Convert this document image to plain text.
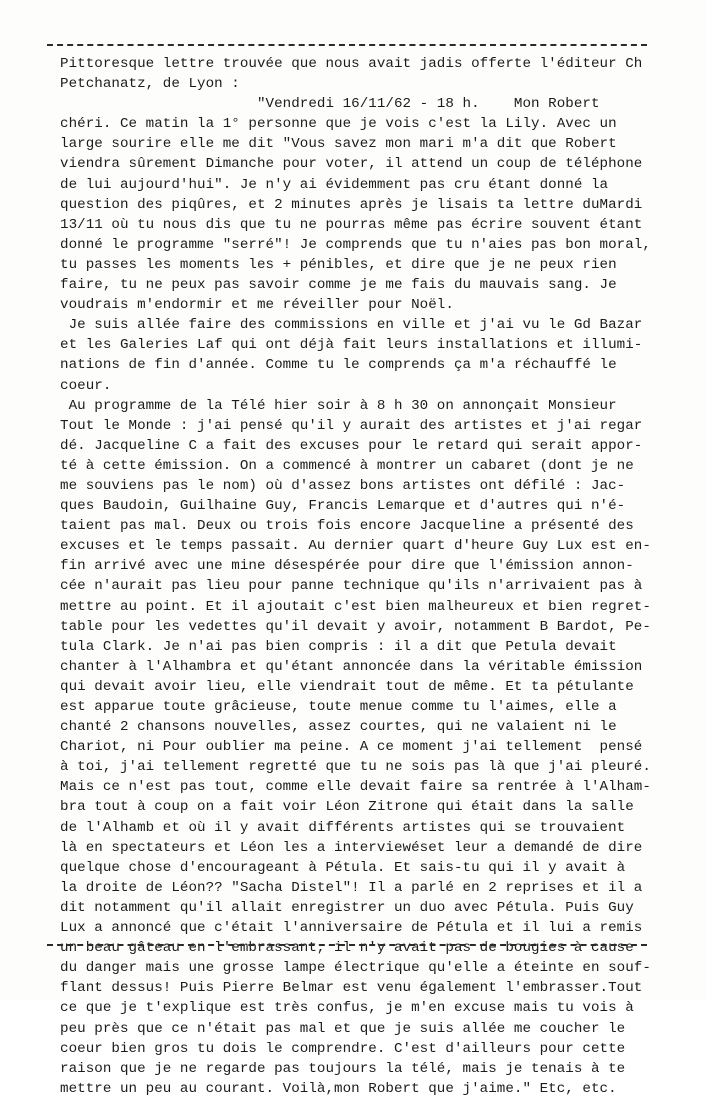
Pittoresque lettre trouvée que nous avait jadis offerte l'éditeur Ch
Petchanatz, de Lyon :
"Vendredi 16/11/62 - 18 h.    Mon Robert
chéri. Ce matin la 1° personne que je vois c'est la Lily. Avec un
large sourire elle me dit "Vous savez mon mari m'a dit que Robert
viendra sûrement Dimanche pour voter, il attend un coup de téléphone
de lui aujourd'hui". Je n'y ai évidemment pas cru étant donné la
question des piqûres, et 2 minutes après je lisais ta lettre duMardi
13/11 où tu nous dis que tu ne pourras même pas écrire souvent étant
donné le programme "serré"! Je comprends que tu n'aies pas bon moral,
tu passes les moments les + pénibles, et dire que je ne peux rien
faire, tu ne peux pas savoir comme je me fais du mauvais sang. Je
voudrais m'endormir et me réveiller pour Noël.
Je suis allée faire des commissions en ville et j'ai vu le Gd Bazar
et les Galeries Laf qui ont déjà fait leurs installations et illumi-
nations de fin d'année. Comme tu le comprends ça m'a réchauffé le
coeur.
Au programme de la Télé hier soir à 8 h 30 on annonçait Monsieur
Tout le Monde : j'ai pensé qu'il y aurait des artistes et j'ai regar
dé. Jacqueline C a fait des excuses pour le retard qui serait appor-
té à cette émission. On a commencé à montrer un cabaret (dont je ne
me souviens pas le nom) où d'assez bons artistes ont défilé : Jac-
ques Baudoin, Guilhaine Guy, Francis Lemarque et d'autres qui n'é-
taient pas mal. Deux ou trois fois encore Jacqueline a présenté des
excuses et le temps passait. Au dernier quart d'heure Guy Lux est en-
fin arrivé avec une mine désespérée pour dire que l'émission annon-
cée n'aurait pas lieu pour panne technique qu'ils n'arrivaient pas à
mettre au point. Et il ajoutait c'est bien malheureux et bien regret-
table pour les vedettes qu'il devait y avoir, notamment B Bardot, Pe-
tula Clark. Je n'ai pas bien compris : il a dit que Petula devait
chanter à l'Alhambra et qu'étant annoncée dans la véritable émission
qui devait avoir lieu, elle viendrait tout de même. Et ta pétulante
est apparue toute grâcieuse, toute menue comme tu l'aimes, elle a
chanté 2 chansons nouvelles, assez courtes, qui ne valaient ni le
Chariot, ni Pour oublier ma peine. A ce moment j'ai tellement  pensé
à toi, j'ai tellement regretté que tu ne sois pas là que j'ai pleuré.
Mais ce n'est pas tout, comme elle devait faire sa rentrée à l'Alham-
bra tout à coup on a fait voir Léon Zitrone qui était dans la salle
de l'Alhamb et où il y avait différents artistes qui se trouvaient
là en spectateurs et Léon les a interviewéset leur a demandé de dire
quelque chose d'encourageant à Pétula. Et sais-tu qui il y avait à
la droite de Léon?? "Sacha Distel"! Il a parlé en 2 reprises et il a
dit notamment qu'il allait enregistrer un duo avec Pétula. Puis Guy
Lux a annoncé que c'était l'anniversaire de Pétula et il lui a remis
un beau gâteau en l'embrassant, il n'y avait pas de bougies à cause
du danger mais une grosse lampe électrique qu'elle a éteinte en souf-
flant dessus! Puis Pierre Belmar est venu également l'embrasser.Tout
ce que je t'explique est très confus, je m'en excuse mais tu vois à
peu près que ce n'était pas mal et que je suis allée me coucher le
coeur bien gros tu dois le comprendre. C'est d'ailleurs pour cette
raison que je ne regarde pas toujours la télé, mais je tenais à te
mettre un peu au courant. Voilà,mon Robert que j'aime." Etc, etc.
